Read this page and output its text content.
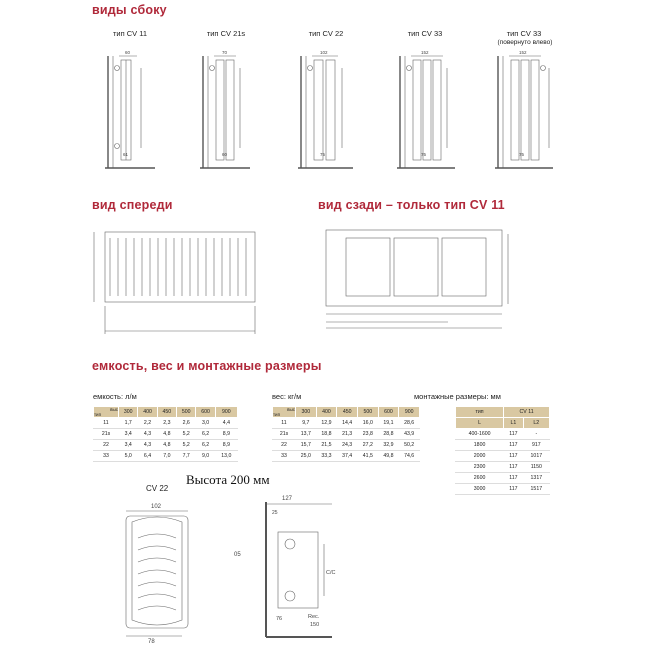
виды сбоку
вид спереди	вид сзади – только тип CV 11
емкость, вес и монтажные размеры
тип CV 11	тип CV 21s	тип CV 22	тип CV 33	тип CV 33
(повернуто влево)
60
61
70
60
102
75
152
75
152
75
емкость: л/м	вес: кг/м	монтажные размеры: мм
выс
тип	300	400	450	500	600	900
11	1,7	2,2	2,3	2,6	3,0	4,4
21s	3,4	4,3	4,8	5,2	6,2	8,9
22	3,4	4,3	4,8	5,2	6,2	8,9
33	5,0	6,4	7,0	7,7	9,0	13,0
выс
тип	300	400	450	500	600	900
11	9,7	12,9	14,4	16,0	19,1	28,6
21s	13,7	18,8	21,3	23,8	28,8	43,9
22	15,7	21,5	24,3	27,2	32,9	50,2
33	25,0	33,3	37,4	41,5	49,8	74,6
тип	CV 11	
L	L1	L2
400-1600	117	-
1800	117	917
2000	117	1017
2300	117	1150
2600	117	1317
3000	117	1517
Высота 200 мм
CV 22
102
78
127
25
05
C/C
76	Rec.
150
